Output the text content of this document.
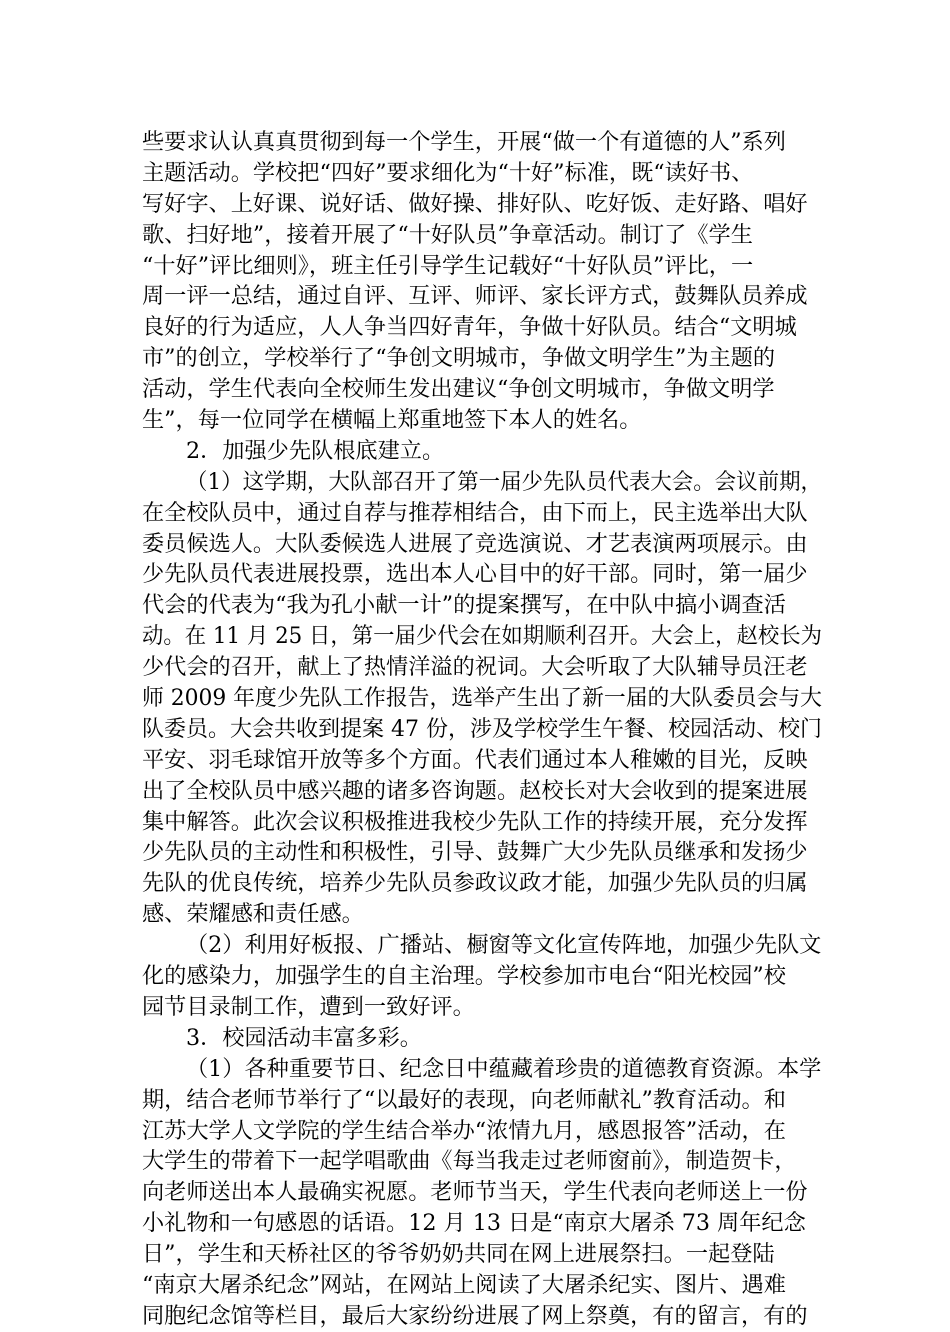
些要求认认真真贯彻到每一个学生，开展“做一个有道德的人”系列
主题活动。学校把“四好”要求细化为“十好”标准，既“读好书、
写好字、上好课、说好话、做好操、排好队、吃好饭、走好路、唱好
歌、扫好地”，接着开展了“十好队员”争章活动。制订了《学生
“十好”评比细则》，班主任引导学生记载好“十好队员”评比，一
周一评一总结，通过自评、互评、师评、家长评方式，鼓舞队员养成
良好的行为适应，人人争当四好青年，争做十好队员。结合“文明城
市”的创立，学校举行了“争创文明城市，争做文明学生”为主题的
活动，学生代表向全校师生发出建议“争创文明城市，争做文明学
生”，每一位同学在横幅上郑重地签下本人的姓名。
2．加强少先队根底建立。
（1）这学期，大队部召开了第一届少先队员代表大会。会议前期，
在全校队员中，通过自荐与推荐相结合，由下而上，民主选举出大队
委员候选人。大队委候选人进展了竞选演说、才艺表演两项展示。由
少先队员代表进展投票，选出本人心目中的好干部。同时，第一届少
代会的代表为“我为孔小献一计”的提案撰写，在中队中搞小调查活
动。在 11 月 25 日，第一届少代会在如期顺利召开。大会上，赵校长为
少代会的召开，献上了热情洋溢的祝词。大会听取了大队辅导员汪老
师 2009 年度少先队工作报告，选举产生出了新一届的大队委员会与大
队委员。大会共收到提案 47 份，涉及学校学生午餐、校园活动、校门
平安、羽毛球馆开放等多个方面。代表们通过本人稚嫩的目光，反映
出了全校队员中感兴趣的诸多咨询题。赵校长对大会收到的提案进展
集中解答。此次会议积极推进我校少先队工作的持续开展，充分发挥
少先队员的主动性和积极性，引导、鼓舞广大少先队员继承和发扬少
先队的优良传统，培养少先队员参政议政才能，加强少先队员的归属
感、荣耀感和责任感。
（2）利用好板报、广播站、橱窗等文化宣传阵地，加强少先队文
化的感染力，加强学生的自主治理。学校参加市电台“阳光校园”校
园节目录制工作，遭到一致好评。
3．校园活动丰富多彩。
（1）各种重要节日、纪念日中蕴藏着珍贵的道德教育资源。本学
期，结合老师节举行了“以最好的表现，向老师献礼”教育活动。和
江苏大学人文学院的学生结合举办“浓情九月，感恩报答”活动，在
大学生的带着下一起学唱歌曲《每当我走过老师窗前》，制造贺卡，
向老师送出本人最确实祝愿。老师节当天，学生代表向老师送上一份
小礼物和一句感恩的话语。12 月 13 日是“南京大屠杀 73 周年纪念
日”，学生和天桥社区的爷爷奶奶共同在网上进展祭扫。一起登陆
“南京大屠杀纪念”网站，在网站上阅读了大屠杀纪实、图片、遇难
同胞纪念馆等栏目，最后大家纷纷进展了网上祭奠，有的留言，有的
